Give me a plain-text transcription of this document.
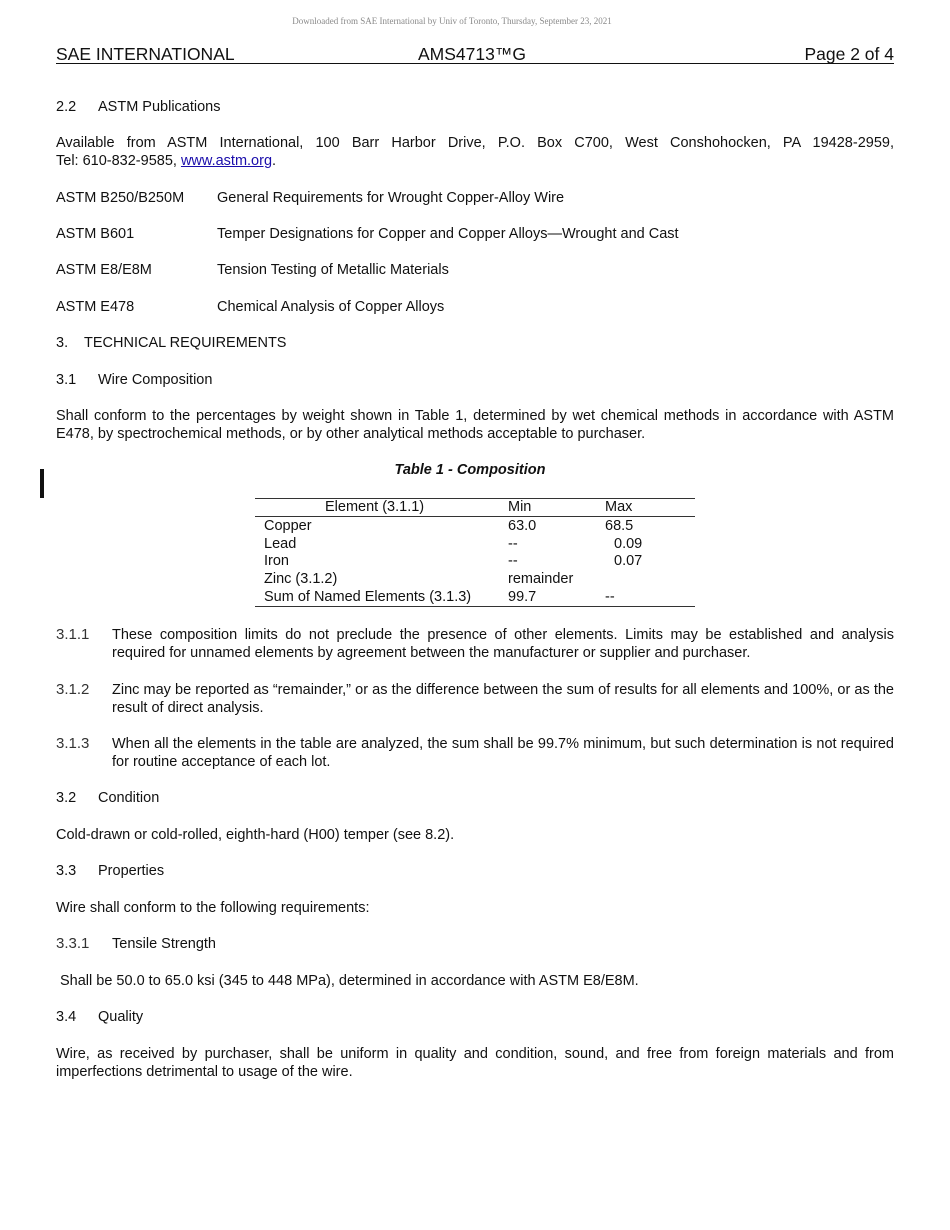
Downloaded from SAE International by Univ of Toronto, Thursday, September 23, 2021
SAE INTERNATIONAL	AMS4713™G	Page 2 of 4
2.2 ASTM Publications
Available from ASTM International, 100 Barr Harbor Drive, P.O. Box C700, West Conshohocken, PA 19428-2959,
Tel: 610-832-9585, www.astm.org.
ASTM B250/B250M General Requirements for Wrought Copper-Alloy Wire
ASTM B601	Temper Designations for Copper and Copper Alloys—Wrought and Cast
ASTM E8/E8M	Tension Testing of Metallic Materials
ASTM E478	Chemical Analysis of Copper Alloys
3. TECHNICAL REQUIREMENTS
3.1 Wire Composition
Shall conform to the percentages by weight shown in Table 1, determined by wet chemical methods in accordance with ASTM E478, by spectrochemical methods, or by other analytical methods acceptable to purchaser.
Table 1 - Composition
Element (3.1.1)	Min	Max
Copper	63.0	68.5
Lead	--	0.09
Iron	--	0.07
Zinc (3.1.2)	remainder
Sum of Named Elements (3.1.3)	99.7	--
3.1.1 These composition limits do not preclude the presence of other elements. Limits may be established and analysis required for unnamed elements by agreement between the manufacturer or supplier and purchaser.
3.1.2 Zinc may be reported as “remainder,” or as the difference between the sum of results for all elements and 100%, or as the result of direct analysis.
3.1.3 When all the elements in the table are analyzed, the sum shall be 99.7% minimum, but such determination is not required for routine acceptance of each lot.
3.2 Condition
Cold-drawn or cold-rolled, eighth-hard (H00) temper (see 8.2).
3.3 Properties
Wire shall conform to the following requirements:
3.3.1 Tensile Strength
Shall be 50.0 to 65.0 ksi (345 to 448 MPa), determined in accordance with ASTM E8/E8M.
3.4 Quality
Wire, as received by purchaser, shall be uniform in quality and condition, sound, and free from foreign materials and from imperfections detrimental to usage of the wire.
